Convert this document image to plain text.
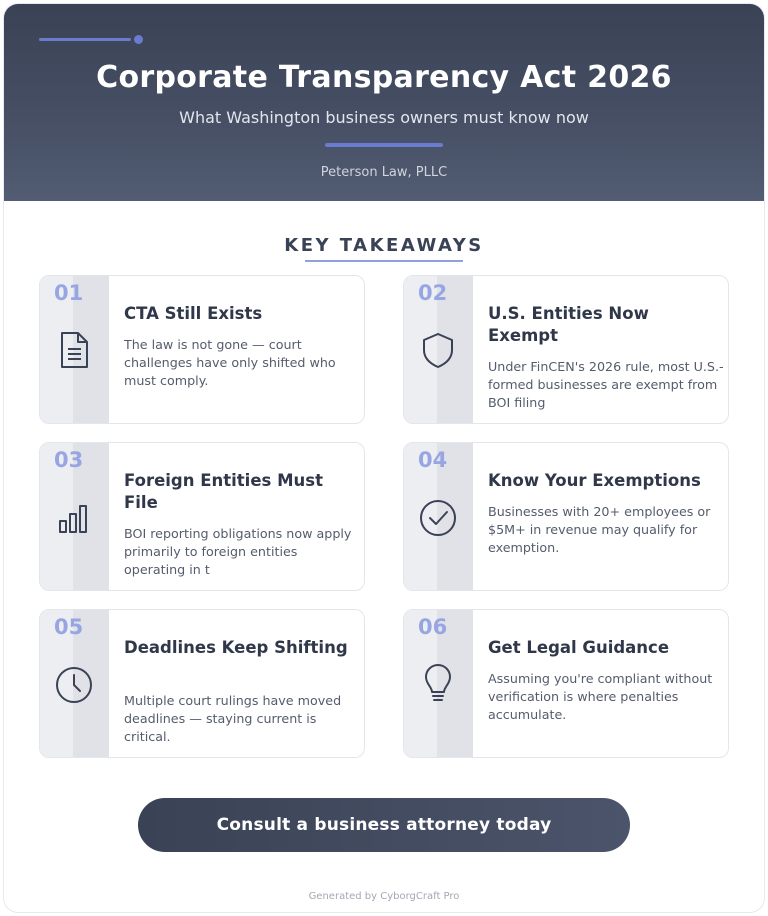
Corporate Transparency Act 2026
What Washington business owners must know now
Peterson Law, PLLC
KEY TAKEAWAYS
01
CTA Still Exists
The law is not gone — court challenges have only shifted who must comply.
02
U.S. Entities Now Exempt
Under FinCEN's 2026 rule, most U.S.-formed businesses are exempt from BOI filing
03
Foreign Entities Must File
BOI reporting obligations now apply primarily to foreign entities operating in t
04
Know Your Exemptions
Businesses with 20+ employees or $5M+ in revenue may qualify for exemption.
05
Deadlines Keep Shifting
Multiple court rulings have moved deadlines — staying current is critical.
06
Get Legal Guidance
Assuming you're compliant without verification is where penalties accumulate.
Consult a business attorney today
Generated by CyborgCraft Pro
